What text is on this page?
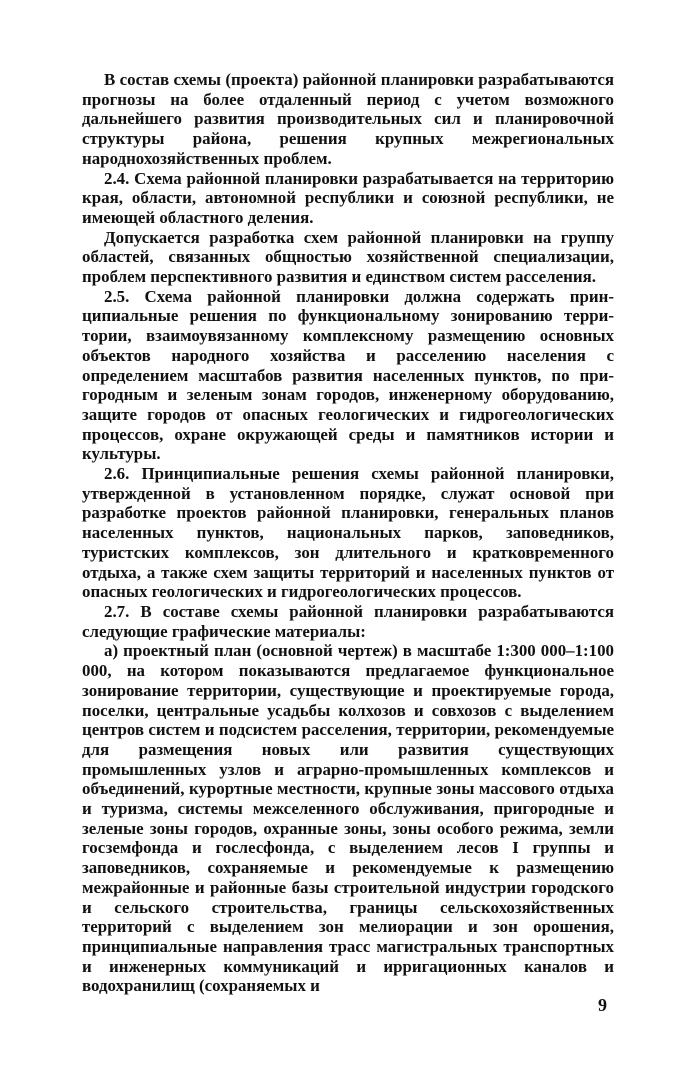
В состав схемы (проекта) районной планировки разрабатываются прогнозы на более отдаленный период с учетом возможного дальнейшего развития производительных сил и планировочной структуры района, решения крупных межрегиональных народнохозяйственных проблем.

2.4. Схема районной планировки разрабатывается на территорию края, области, автономной республики и союзной республики, не имеющей областного деления.

Допускается разработка схем районной планировки на группу областей, связанных общностью хозяйственной специализации, проблем перспективного развития и единством систем расселения.

2.5. Схема районной планировки должна содержать принципиальные решения по функциональному зонированию территории, взаимоувязанному комплексному размещению основных объектов народного хозяйства и расселению населения с определением масштабов развития населенных пунктов, по пригородным и зеленым зонам городов, инженерному оборудованию, защите городов от опасных геологических и гидрогеологических процессов, охране окружающей среды и памятников истории и культуры.

2.6. Принципиальные решения схемы районной планировки, утвержденной в установленном порядке, служат основой при разработке проектов районной планировки, генеральных планов населенных пунктов, национальных парков, заповедников, туристских комплексов, зон длительного и кратковременного отдыха, а также схем защиты территорий и населенных пунктов от опасных геологических и гидрогеологических процессов.

2.7. В составе схемы районной планировки разрабатываются следующие графические материалы:

а) проектный план (основной чертеж) в масштабе 1:300 000–1:100 000, на котором показываются предлагаемое функциональное зонирование территории, существующие и проектируемые города, поселки, центральные усадьбы колхозов и совхозов с выделением центров систем и подсистем расселения, территории, рекомендуемые для размещения новых или развития существующих промышленных узлов и аграрно-промышленных комплексов и объединений, курортные местности, крупные зоны массового отдыха и туризма, системы межселенного обслуживания, пригородные и зеленые зоны городов, охранные зоны, зоны особого режима, земли госземфонда и гослесфонда, с выделением лесов I группы и заповедников, сохраняемые и рекомендуемые к размещению межрайонные и районные базы строительной индустрии городского и сельского строительства, границы сельскохозяйственных территорий с выделением зон мелиорации и зон орошения, принципиальные направления трасс магистральных транспортных и инженерных коммуникаций и ирригационных каналов и водохранилищ (сохраняемых и

9
